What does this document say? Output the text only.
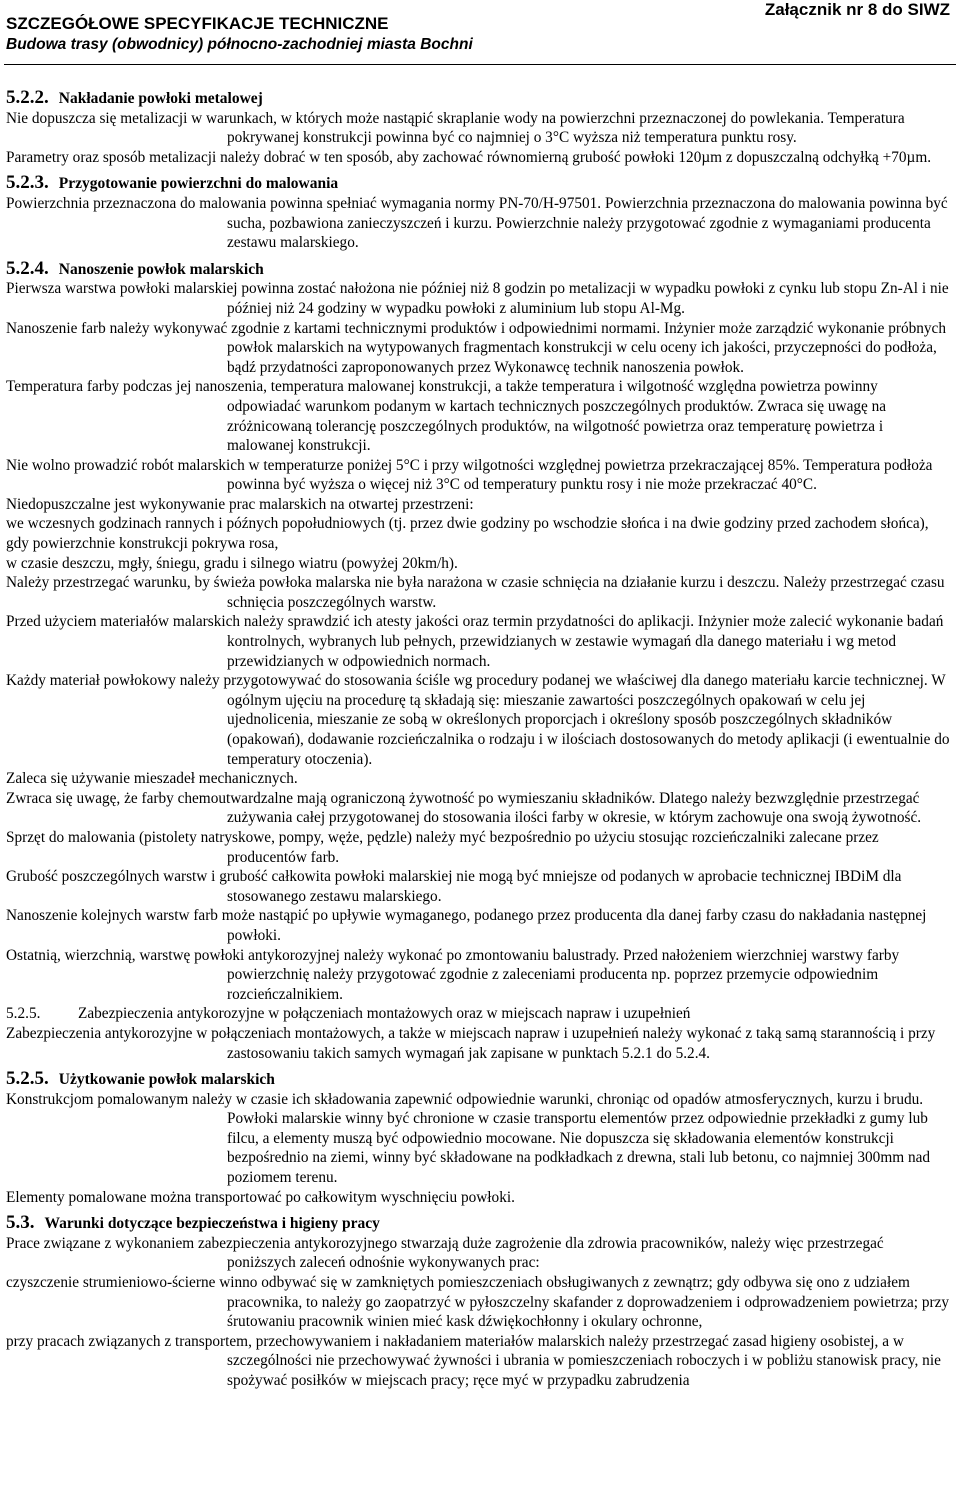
Załącznik nr 8 do SIWZ
SZCZEGÓŁOWE SPECYFIKACJE TECHNICZNE
Budowa trasy (obwodnicy) północno-zachodniej miasta Bochni
5.2.2. Nakładanie powłoki metalowej

Nie dopuszcza się metalizacji w warunkach, w których może nastąpić skraplanie wody na powierzchni przeznaczonej do powlekania. Temperatura pokrywanej konstrukcji powinna być co najmniej o 3°C wyższa niż temperatura punktu rosy.

Parametry oraz sposób metalizacji należy dobrać w ten sposób, aby zachować równomierną grubość powłoki 120µm z dopuszczalną odchyłką +70µm.

5.2.3. Przygotowanie powierzchni do malowania

Powierzchnia przeznaczona do malowania powinna spełniać wymagania normy PN-70/H-97501. Powierzchnia przeznaczona do malowania powinna być sucha, pozbawiona zanieczyszczeń i kurzu. Powierzchnie należy przygotować zgodnie z wymaganiami producenta zestawu malarskiego.

5.2.4. Nanoszenie powłok malarskich

Pierwsza warstwa powłoki malarskiej powinna zostać nałożona nie później niż 8 godzin po metalizacji w wypadku powłoki z cynku lub stopu Zn-Al i nie później niż 24 godziny w wypadku powłoki z aluminium lub stopu Al-Mg.

Nanoszenie farb należy wykonywać zgodnie z kartami technicznymi produktów i odpowiednimi normami. Inżynier może zarządzić wykonanie próbnych powłok malarskich na wytypowanych fragmentach konstrukcji w celu oceny ich jakości, przyczepności do podłoża, bądź przydatności zaproponowanych przez Wykonawcę technik nanoszenia powłok.

Temperatura farby podczas jej nanoszenia, temperatura malowanej konstrukcji, a także temperatura i wilgotność względna powietrza powinny odpowiadać warunkom podanym w kartach technicznych poszczególnych produktów. Zwraca się uwagę na zróżnicowaną tolerancję poszczególnych produktów, na wilgotność powietrza oraz temperaturę powietrza i malowanej konstrukcji.

Nie wolno prowadzić robót malarskich w temperaturze poniżej 5°C i przy wilgotności względnej powietrza przekraczającej 85%. Temperatura podłoża powinna być wyższa o więcej niż 3°C od temperatury punktu rosy i nie może przekraczać 40°C.

Niedopuszczalne jest wykonywanie prac malarskich na otwartej przestrzeni:

we wczesnych godzinach rannych i późnych popołudniowych (tj. przez dwie godziny po wschodzie słońca i na dwie godziny przed zachodem słońca),

gdy powierzchnie konstrukcji pokrywa rosa,

w czasie deszczu, mgły, śniegu, gradu i silnego wiatru (powyżej 20km/h).

Należy przestrzegać warunku, by świeża powłoka malarska nie była narażona w czasie schnięcia na działanie kurzu i deszczu. Należy przestrzegać czasu schnięcia poszczególnych warstw.

Przed użyciem materiałów malarskich należy sprawdzić ich atesty jakości oraz termin przydatności do aplikacji. Inżynier może zalecić wykonanie badań kontrolnych, wybranych lub pełnych, przewidzianych w zestawie wymagań dla danego materiału i wg metod przewidzianych w odpowiednich normach.

Każdy materiał powłokowy należy przygotowywać do stosowania ściśle wg procedury podanej we właściwej dla danego materiału karcie technicznej. W ogólnym ujęciu na procedurę tą składają się: mieszanie zawartości poszczególnych opakowań w celu jej ujednolicenia, mieszanie ze sobą w określonych proporcjach i określony sposób poszczególnych składników (opakowań), dodawanie rozcieńczalnika o rodzaju i w ilościach dostosowanych do metody aplikacji (i ewentualnie do temperatury otoczenia).

Zaleca się używanie mieszadeł mechanicznych.

Zwraca się uwagę, że farby chemoutwardzalne mają ograniczoną żywotność po wymieszaniu składników. Dlatego należy bezwzględnie przestrzegać zużywania całej przygotowanej do stosowania ilości farby w okresie, w którym zachowuje ona swoją żywotność.

Sprzęt do malowania (pistolety natryskowe, pompy, węże, pędzle) należy myć bezpośrednio po użyciu stosując rozcieńczalniki zalecane przez producentów farb.

Grubość poszczególnych warstw i grubość całkowita powłoki malarskiej nie mogą być mniejsze od podanych w aprobacie technicznej IBDiM dla stosowanego zestawu malarskiego.

Nanoszenie kolejnych warstw farb może nastąpić po upływie wymaganego, podanego przez producenta dla danej farby czasu do nakładania następnej powłoki.

Ostatnią, wierzchnią, warstwę powłoki antykorozyjnej należy wykonać po zmontowaniu balustrady. Przed nałożeniem wierzchniej warstwy farby powierzchnię należy przygotować zgodnie z zaleceniami producenta np. poprzez przemycie odpowiednim rozcieńczalnikiem.

5.2.5. Zabezpieczenia antykorozyjne w połączeniach montażowych oraz w miejscach napraw i uzupełnień

Zabezpieczenia antykorozyjne w połączeniach montażowych, a także w miejscach napraw i uzupełnień należy wykonać z taką samą starannością i przy zastosowaniu takich samych wymagań jak zapisane w punktach 5.2.1 do 5.2.4.

5.2.5. Użytkowanie powłok malarskich

Konstrukcjom pomalowanym należy w czasie ich składowania zapewnić odpowiednie warunki, chroniąc od opadów atmosferycznych, kurzu i brudu. Powłoki malarskie winny być chronione w czasie transportu elementów przez odpowiednie przekładki z gumy lub filcu, a elementy muszą być odpowiednio mocowane. Nie dopuszcza się składowania elementów konstrukcji bezpośrednio na ziemi, winny być składowane na podkładkach z drewna, stali lub betonu, co najmniej 300mm nad poziomem terenu.

Elementy pomalowane można transportować po całkowitym wyschnięciu powłoki.

5.3. Warunki dotyczące bezpieczeństwa i higieny pracy

Prace związane z wykonaniem zabezpieczenia antykorozyjnego stwarzają duże zagrożenie dla zdrowia pracowników, należy więc przestrzegać poniższych zaleceń odnośnie wykonywanych prac:

czyszczenie strumieniowo-ścierne winno odbywać się w zamkniętych pomieszczeniach obsługiwanych z zewnątrz; gdy odbywa się ono z udziałem pracownika, to należy go zaopatrzyć w pyłoszczelny skafander z doprowadzeniem i odprowadzeniem powietrza; przy śrutowaniu pracownik winien mieć kask dźwiękochłonny i okulary ochronne,

przy pracach związanych z transportem, przechowywaniem i nakładaniem materiałów malarskich należy przestrzegać zasad higieny osobistej, a w szczególności nie przechowywać żywności i ubrania w pomieszczeniach roboczych i w pobliżu stanowisk pracy, nie spożywać posiłków w miejscach pracy; ręce myć w przypadku zabrudzenia
